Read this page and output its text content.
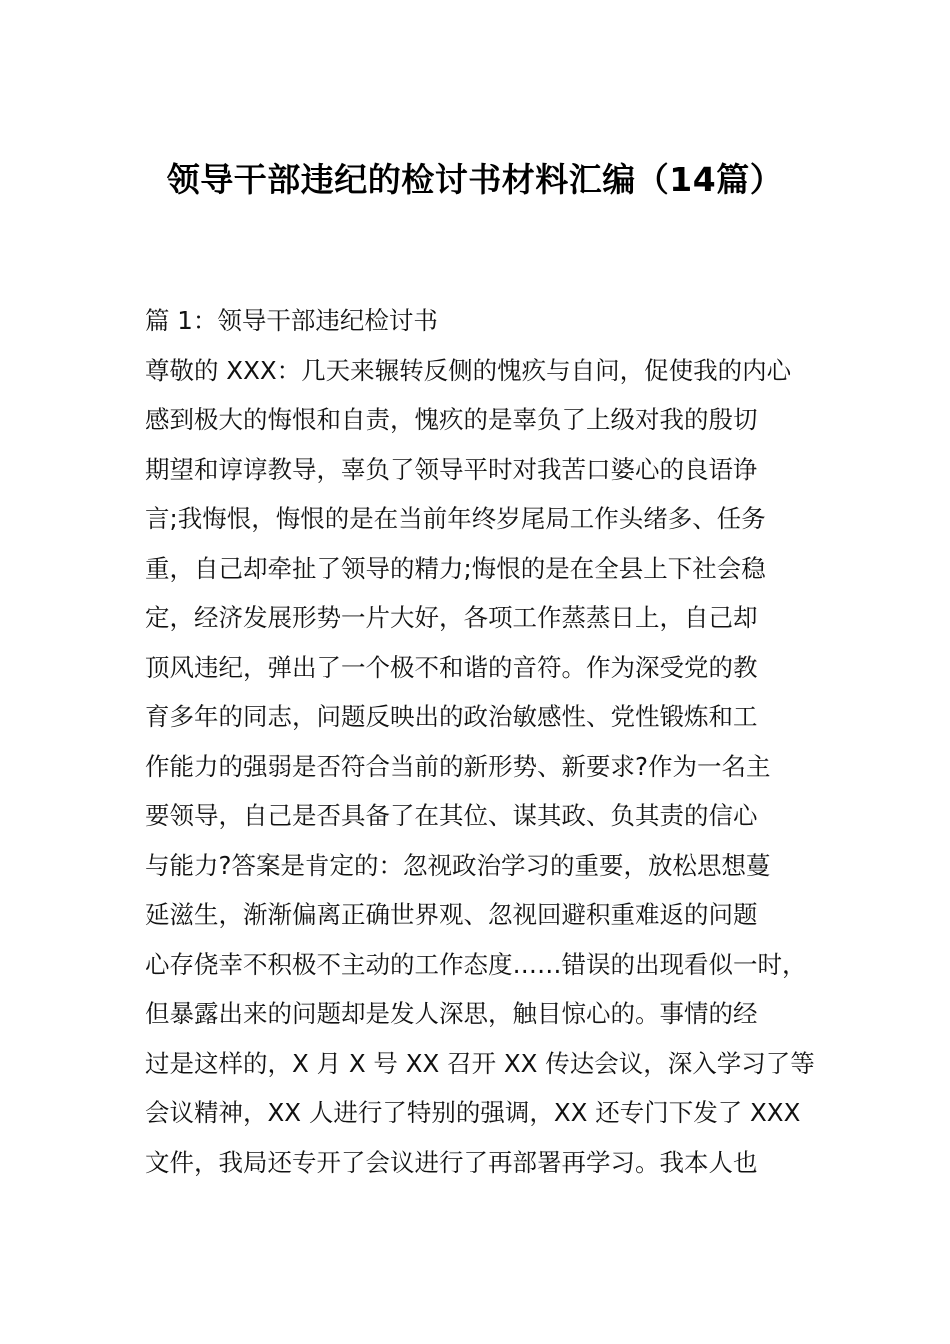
领导干部违纪的检讨书材料汇编（14篇）
篇 1：领导干部违纪检讨书
尊敬的 XXX：几天来辗转反侧的愧疚与自问，促使我的内心
感到极大的悔恨和自责，愧疚的是辜负了上级对我的殷切
期望和谆谆教导，辜负了领导平时对我苦口婆心的良语诤
言;我悔恨，悔恨的是在当前年终岁尾局工作头绪多、任务
重，自己却牵扯了领导的精力;悔恨的是在全县上下社会稳
定，经济发展形势一片大好，各项工作蒸蒸日上，自己却
顶风违纪，弹出了一个极不和谐的音符。作为深受党的教
育多年的同志，问题反映出的政治敏感性、党性锻炼和工
作能力的强弱是否符合当前的新形势、新要求?作为一名主
要领导，自己是否具备了在其位、谋其政、负其责的信心
与能力?答案是肯定的：忽视政治学习的重要，放松思想蔓
延滋生，渐渐偏离正确世界观、忽视回避积重难返的问题
心存侥幸不积极不主动的工作态度……错误的出现看似一时，
但暴露出来的问题却是发人深思，触目惊心的。事情的经
过是这样的，X 月 X 号 XX 召开 XX 传达会议，深入学习了等
会议精神，XX 人进行了特别的强调，XX 还专门下发了 XXX
文件，我局还专开了会议进行了再部署再学习。我本人也
